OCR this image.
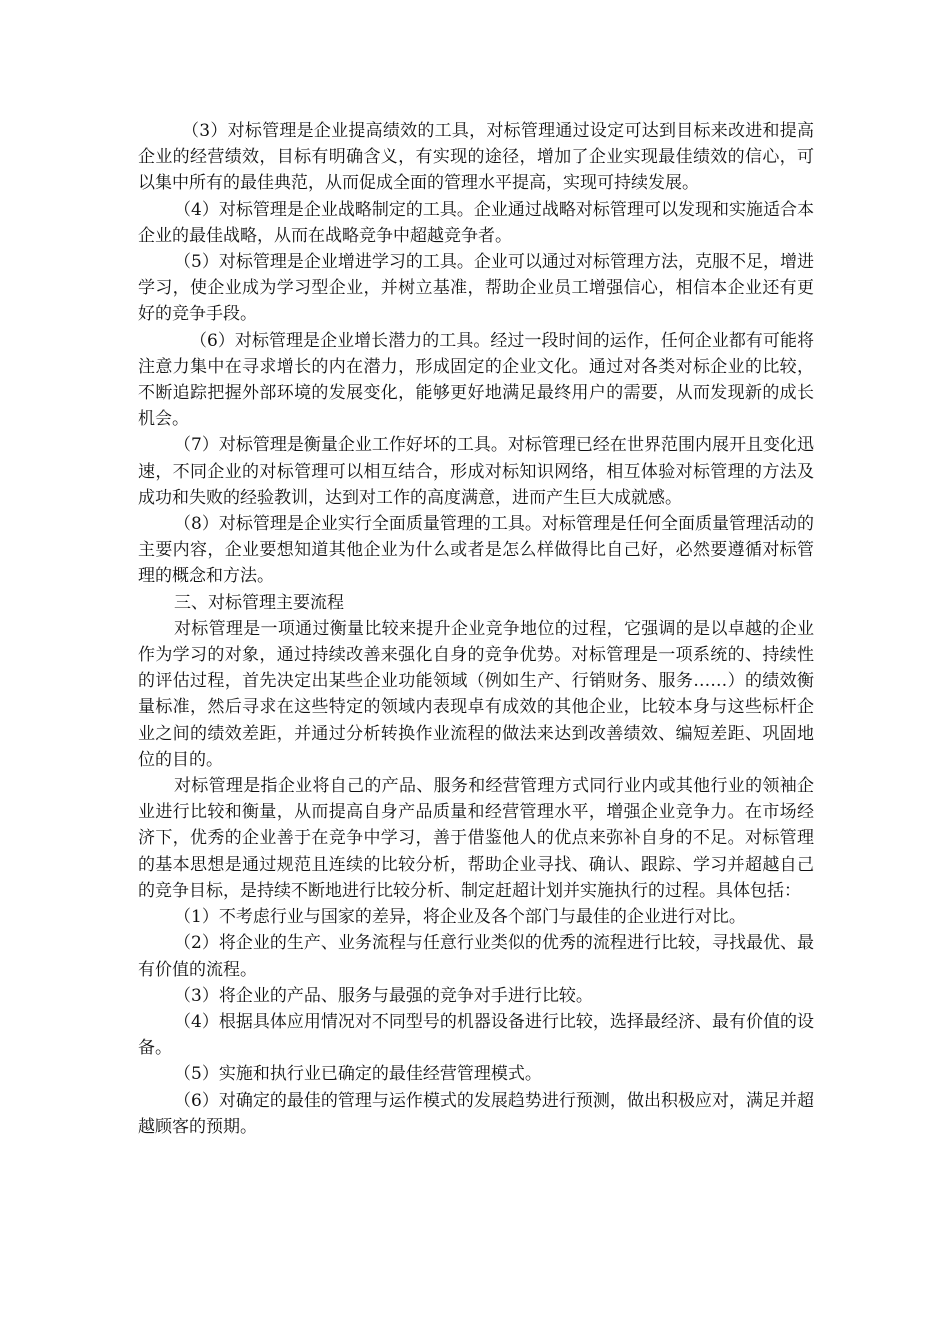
（3）对标管理是企业提高绩效的工具，对标管理通过设定可达到目标来改进和提高企业的经营绩效，目标有明确含义，有实现的途径，增加了企业实现最佳绩效的信心，可以集中所有的最佳典范，从而促成全面的管理水平提高，实现可持续发展。

（4）对标管理是企业战略制定的工具。企业通过战略对标管理可以发现和实施适合本企业的最佳战略，从而在战略竞争中超越竞争者。

（5）对标管理是企业增进学习的工具。企业可以通过对标管理方法，克服不足，增进学习，使企业成为学习型企业，并树立基准，帮助企业员工增强信心，相信本企业还有更好的竞争手段。

（6）对标管理是企业增长潜力的工具。经过一段时间的运作，任何企业都有可能将注意力集中在寻求增长的内在潜力，形成固定的企业文化。通过对各类对标企业的比较，不断追踪把握外部环境的发展变化，能够更好地满足最终用户的需要，从而发现新的成长机会。

（7）对标管理是衡量企业工作好坏的工具。对标管理已经在世界范围内展开且变化迅速，不同企业的对标管理可以相互结合，形成对标知识网络，相互体验对标管理的方法及成功和失败的经验教训，达到对工作的高度满意，进而产生巨大成就感。

（8）对标管理是企业实行全面质量管理的工具。对标管理是任何全面质量管理活动的主要内容，企业要想知道其他企业为什么或者是怎么样做得比自己好，必然要遵循对标管理的概念和方法。

三、对标管理主要流程

对标管理是一项通过衡量比较来提升企业竞争地位的过程，它强调的是以卓越的企业作为学习的对象，通过持续改善来强化自身的竞争优势。对标管理是一项系统的、持续性的评估过程，首先决定出某些企业功能领域（例如生产、行销财务、服务……）的绩效衡量标准，然后寻求在这些特定的领域内表现卓有成效的其他企业，比较本身与这些标杆企业之间的绩效差距，并通过分析转换作业流程的做法来达到改善绩效、编短差距、巩固地位的目的。

对标管理是指企业将自己的产品、服务和经营管理方式同行业内或其他行业的领袖企业进行比较和衡量，从而提高自身产品质量和经营管理水平，增强企业竞争力。在市场经济下，优秀的企业善于在竞争中学习，善于借鉴他人的优点来弥补自身的不足。对标管理的基本思想是通过规范且连续的比较分析，帮助企业寻找、确认、跟踪、学习并超越自己的竞争目标，是持续不断地进行比较分析、制定赶超计划并实施执行的过程。具体包括：

（1）不考虑行业与国家的差异，将企业及各个部门与最佳的企业进行对比。

（2）将企业的生产、业务流程与任意行业类似的优秀的流程进行比较，寻找最优、最有价值的流程。

（3）将企业的产品、服务与最强的竞争对手进行比较。

（4）根据具体应用情况对不同型号的机器设备进行比较，选择最经济、最有价值的设备。

（5）实施和执行业已确定的最佳经营管理模式。

（6）对确定的最佳的管理与运作模式的发展趋势进行预测，做出积极应对，满足并超越顾客的预期。
